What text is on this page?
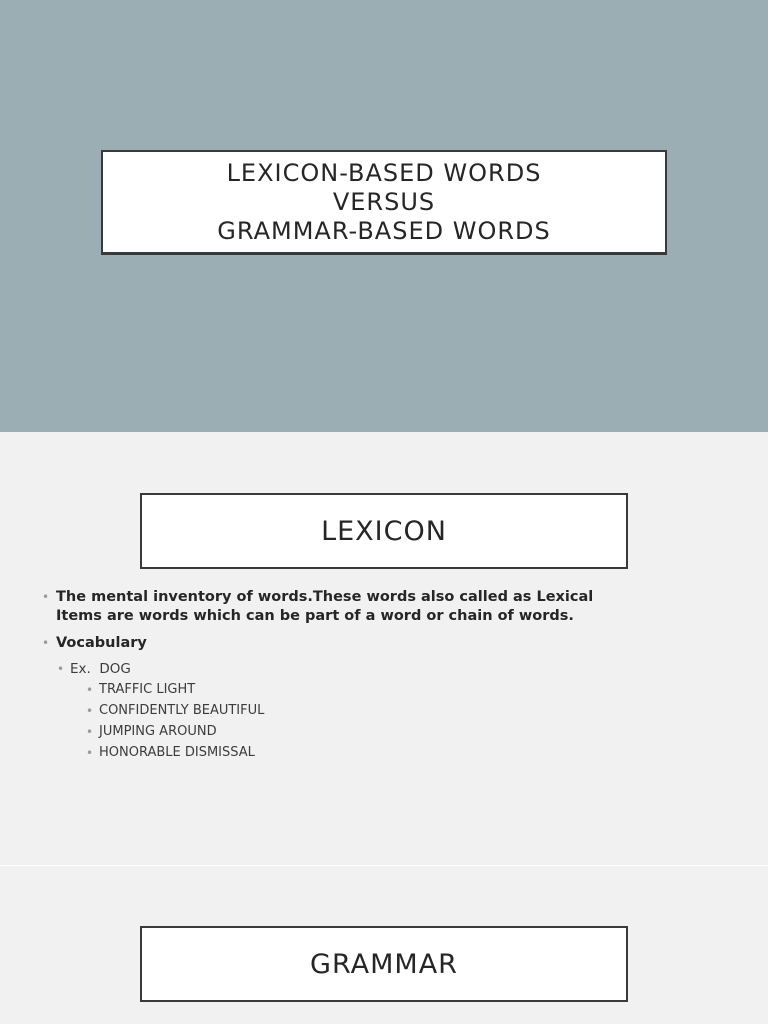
LEXICON-BASED WORDS
VERSUS
GRAMMAR-BASED WORDS
LEXICON
• The mental inventory of words.These words also called as Lexical Items are words which can be part of a word or chain of words.
• Vocabulary
• Ex.  DOG
• TRAFFIC LIGHT
• CONFIDENTLY BEAUTIFUL
• JUMPING AROUND
• HONORABLE DISMISSAL
GRAMMAR
